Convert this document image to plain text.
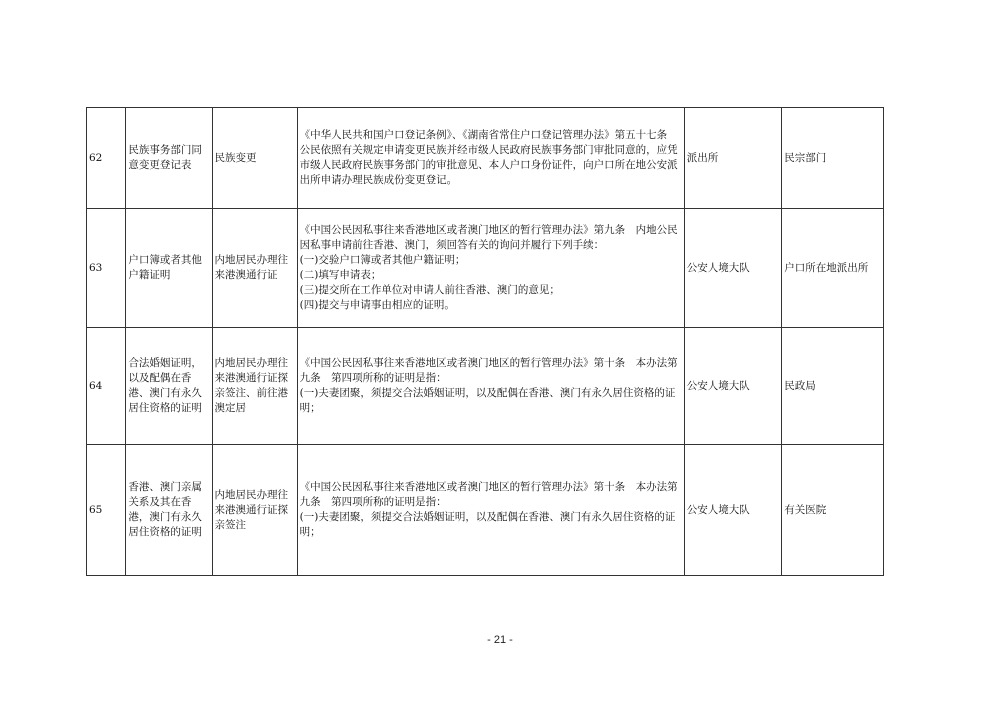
62	民族事务部门同意变更登记表	民族变更	《中华人民共和国户口登记条例》、《湖南省常住户口登记管理办法》第五十七条　公民依照有关规定申请变更民族并经市级人民政府民族事务部门审批同意的，应凭市级人民政府民族事务部门的审批意见、本人户口身份证件，向户口所在地公安派出所申请办理民族成份变更登记。	派出所	民宗部门
63	户口簿或者其他户籍证明	内地居民办理往来港澳通行证	《中国公民因私事往来香港地区或者澳门地区的暂行管理办法》第九条　内地公民因私事申请前往香港、澳门，须回答有关的询问并履行下列手续：
(一)交验户口簿或者其他户籍证明；
(二)填写申请表；
(三)提交所在工作单位对申请人前往香港、澳门的意见；
(四)提交与申请事由相应的证明。	公安人境大队	户口所在地派出所
64	合法婚姻证明，以及配偶在香港、澳门有永久居住资格的证明	内地居民办理往来港澳通行证探亲签注、前往港澳定居	《中国公民因私事往来香港地区或者澳门地区的暂行管理办法》第十条　本办法第九条　第四项所称的证明是指：
(一)夫妻团聚，须提交合法婚姻证明，以及配偶在香港、澳门有永久居住资格的证明；	公安人境大队	民政局
65	香港、澳门亲属关系及其在香港，澳门有永久居住资格的证明	内地居民办理往来港澳通行证探亲签注	《中国公民因私事往来香港地区或者澳门地区的暂行管理办法》第十条　本办法第九条　第四项所称的证明是指：
(一)夫妻团聚，须提交合法婚姻证明，以及配偶在香港、澳门有永久居住资格的证明；	公安人境大队	有关医院
- 21 -
